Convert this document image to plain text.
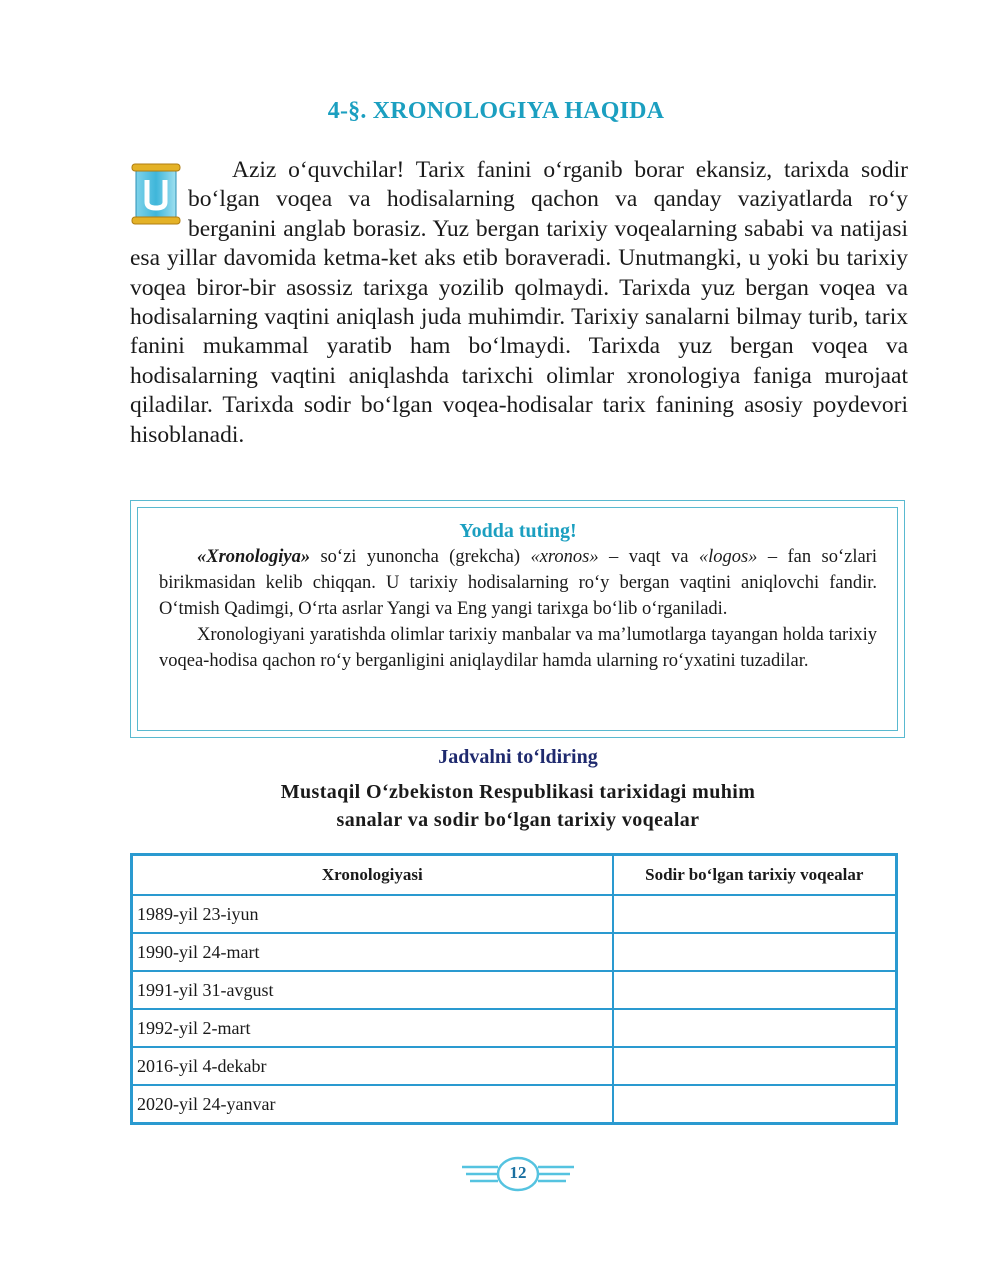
4-§. XRONOLOGIYA HAQIDA

Aziz o‘quvchilar! Tarix fanini o‘rganib borar ekansiz, tarixda sodir bo‘lgan voqea va hodisalarning qachon va qanday vaziyatlarda ro‘y berganini anglab borasiz. Yuz bergan tarixiy voqealarning sababi va natijasi esa yillar davomida ketma-ket aks etib boraveradi. Unutmangki, u yoki bu tarixiy voqea biror-bir asossiz tarixga yozilib qolmaydi. Tarixda yuz bergan voqea va hodisalarning vaqtini aniqlash juda muhimdir. Tarixiy sanalarni bilmay turib, tarix fanini mukammal yaratib ham bo‘lmaydi. Tarixda yuz bergan voqea va hodisalarning vaqtini aniqlashda tarixchi olimlar xronologiya faniga murojaat qiladilar. Tarixda sodir bo‘lgan voqea-hodisalar tarix fanining asosiy poydevori hisoblanadi.

Yodda tuting!

«Xronologiya» so‘zi yunoncha (grekcha) «xronos» – vaqt va «logos» – fan so‘zlari birikmasidan kelib chiqqan. U tarixiy hodisalarning ro‘y bergan vaqtini aniqlovchi fandir. O‘tmish Qadimgi, O‘rta asrlar Yangi va Eng yangi tarixga bo‘lib o‘rganiladi.

Xronologiyani yaratishda olimlar tarixiy manbalar va ma’lumotlarga tayangan holda tarixiy voqea-hodisa qachon ro‘y berganligini aniqlaydilar hamda ularning ro‘yxatini tuzadilar.

Jadvalni to‘ldiring
Mustaqil O‘zbekiston Respublikasi tarixidagi muhim
sanalar va sodir bo‘lgan tarixiy voqealar
Xronologiyasi	Sodir bo‘lgan tarixiy voqealar
1989-yil 23-iyun	
1990-yil 24-mart	
1991-yil 31-avgust	
1992-yil 2-mart	
2016-yil 4-dekabr	
2020-yil 24-yanvar	
12
